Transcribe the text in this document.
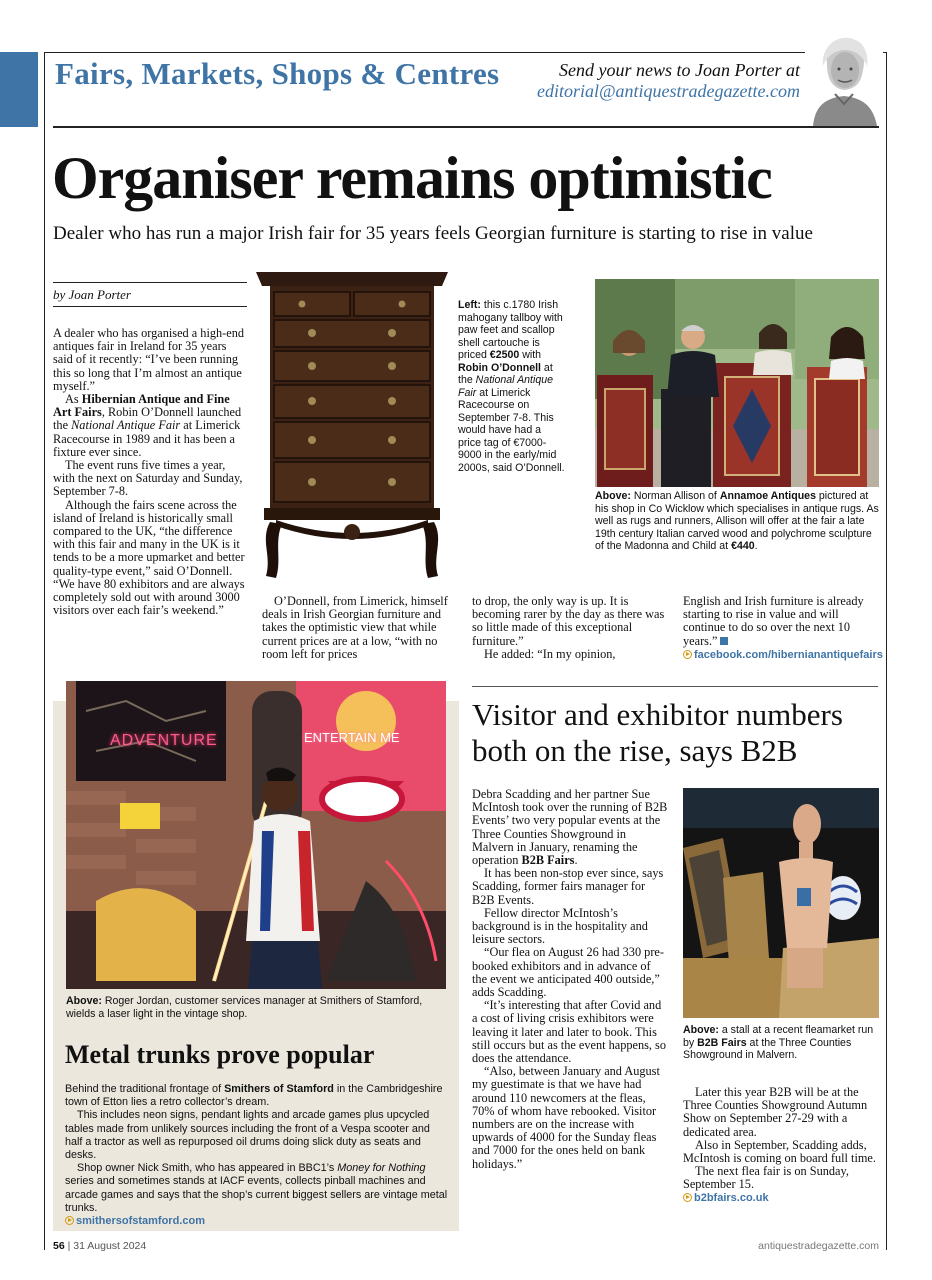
Fairs, Markets, Shops & Centres	Send your news to Joan Porter at
editorial@antiquestradegazette.com
Organiser remains optimistic
Dealer who has run a major Irish fair for 35 years feels Georgian furniture is starting to rise in value
by Joan Porter

A dealer who has organised a high-end antiques fair in Ireland for 35 years said of it recently: “I’ve been running this so long that I’m almost an antique myself.”

As Hibernian Antique and Fine Art Fairs, Robin O’Donnell launched the National Antique Fair at Limerick Racecourse in 1989 and it has been a fixture ever since.

The event runs five times a year, with the next on Saturday and Sunday, September 7-8.

Although the fairs scene across the island of Ireland is historically small compared to the UK, “the difference with this fair and many in the UK is it tends to be a more upmarket and better quality-type event,” said O’Donnell. “We have 80 exhibitors and are always completely sold out with around 3000 visitors over each fair’s weekend.”

Left: this c.1780 Irish mahogany tallboy with paw feet and scallop shell cartouche is priced €2500 with Robin O’Donnell at the National Antique Fair at Limerick Racecourse on September 7-8. This would have had a price tag of €7000-9000 in the early/mid 2000s, said O’Donnell.
Above: Norman Allison of Annamoe Antiques pictured at his shop in Co Wicklow which specialises in antique rugs. As well as rugs and runners, Allison will offer at the fair a late 19th century Italian carved wood and polychrome sculpture of the Madonna and Child at €440.

O’Donnell, from Limerick, himself deals in Irish Georgian furniture and takes the optimistic view that while current prices are at a low, “with no room left for prices

to drop, the only way is up. It is becoming rarer by the day as there was so little made of this exceptional furniture.”

He added: “In my opinion,

English and Irish furniture is already starting to rise in value and will continue to do so over the next 10 years.”

facebook.com/hibernianantiquefairs
ADVENTURE	ENTERTAIN ME
Above: Roger Jordan, customer services manager at Smithers of Stamford, wields a laser light in the vintage shop.
Metal trunks prove popular
Behind the traditional frontage of Smithers of Stamford in the Cambridgeshire town of Etton lies a retro collector’s dream.
This includes neon signs, pendant lights and arcade games plus upcycled tables made from unlikely sources including the front of a Vespa scooter and half a tractor as well as repurposed oil drums doing slick duty as seats and desks.
Shop owner Nick Smith, who has appeared in BBC1’s Money for Nothing series and sometimes stands at IACF events, collects pinball machines and arcade games and says that the shop’s current biggest sellers are vintage metal trunks.
smithersofstamford.com
Visitor and exhibitor numbers both on the rise, says B2B

Debra Scadding and her partner Sue McIntosh took over the running of B2B Events’ two very popular events at the Three Counties Showground in Malvern in January, renaming the operation B2B Fairs.

It has been non-stop ever since, says Scadding, former fairs manager for B2B Events.

Fellow director McIntosh’s background is in the hospitality and leisure sectors.

“Our flea on August 26 had 330 pre-booked exhibitors and in advance of the event we anticipated 400 outside,” adds Scadding.

“It’s interesting that after Covid and a cost of living crisis exhibitors were leaving it later and later to book. This still occurs but as the event happens, so does the attendance.

“Also, between January and August my guestimate is that we have had around 110 newcomers at the fleas, 70% of whom have rebooked. Visitor numbers are on the increase with upwards of 4000 for the Sunday fleas and 7000 for the ones held on bank holidays.”

Above: a stall at a recent fleamarket run by B2B Fairs at the Three Counties Showground in Malvern.

Later this year B2B will be at the Three Counties Showground Autumn Show on September 27-29 with a dedicated area.

Also in September, Scadding adds, McIntosh is coming on board full time.

The next flea fair is on Sunday, September 15.

b2bfairs.co.uk
56 | 31 August 2024	antiquestradegazette.com
